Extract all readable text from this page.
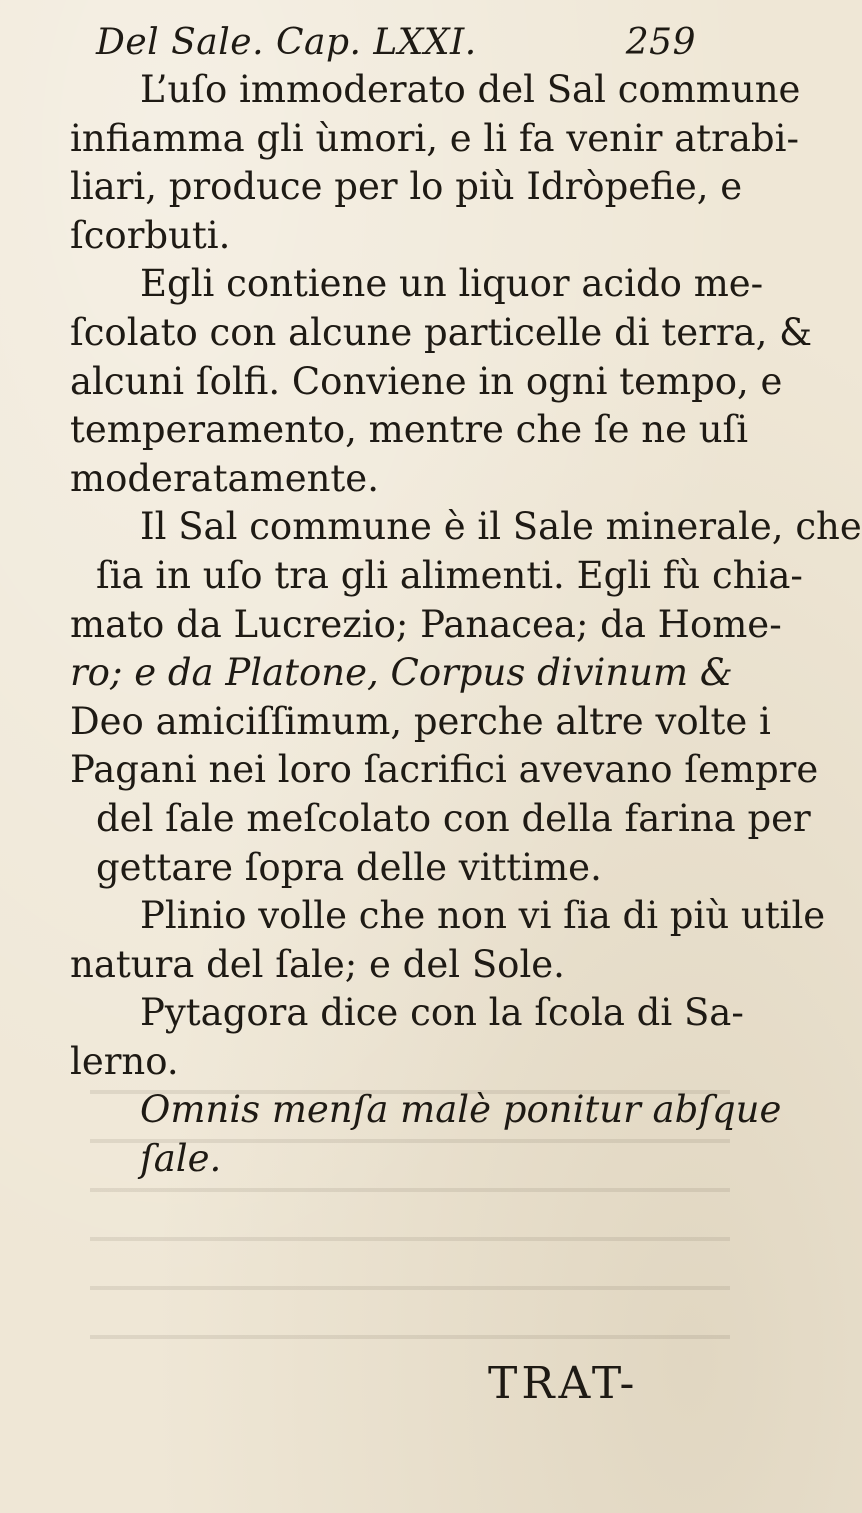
Del Sale. Cap. LXXI.	259
L’uſo immoderato del Sal commune
infiamma gli ùmori, e li fa venir atrabi-
liari, produce per lo più Idròpefie, e
ſcorbuti.
Egli contiene un liquor acido me-
ſcolato con alcune particelle di terra, &
alcuni ſolfi. Conviene in ogni tempo, e
temperamento, mentre che ſe ne uſi
moderatamente.
Il Sal commune è il Sale minerale, che
ſia in uſo tra gli alimenti. Egli fù chia-
mato da Lucrezio; Panacea; da Home-
ro; e da Platone, Corpus divinum &
Deo amiciſſimum, perche altre volte i
Pagani nei loro ſacrifici avevano ſempre
del ſale meſcolato con della farina per
gettare ſopra delle vittime.
Plinio volle che non vi ſia di più utile
natura del ſale; e del Sole.
Pytagora dice con la ſcola di Sa-
lerno.
Omnis menſa malè ponitur abſque
ſale.
TRAT-
